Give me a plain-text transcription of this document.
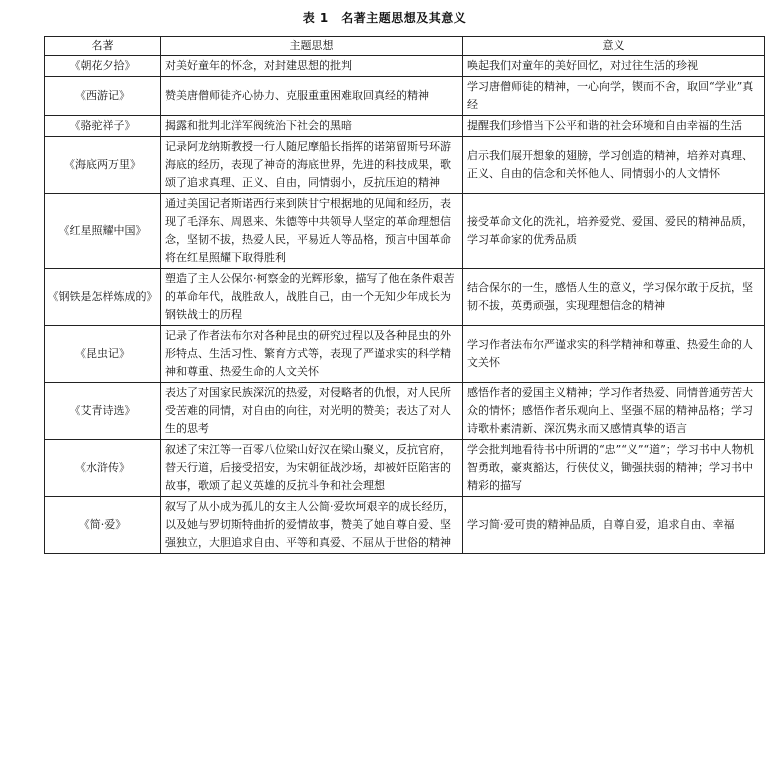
表 1　名著主题思想及其意义
名著	主题思想	意义
《朝花夕拾》	对美好童年的怀念，对封建思想的批判	唤起我们对童年的美好回忆，对过往生活的珍视
《西游记》	赞美唐僧师徒齐心协力、克服重重困难取回真经的精神	学习唐僧师徒的精神，一心向学，锲而不舍，取回“学业”真经
《骆驼祥子》	揭露和批判北洋军阀统治下社会的黑暗	提醒我们珍惜当下公平和谐的社会环境和自由幸福的生活
《海底两万里》	记录阿龙纳斯教授一行人随尼摩船长指挥的诺第留斯号环游海底的经历，表现了神奇的海底世界，先进的科技成果，歌颂了追求真理、正义、自由，同情弱小，反抗压迫的精神	启示我们展开想象的翅膀，学习创造的精神，培养对真理、正义、自由的信念和关怀他人、同情弱小的人文情怀
《红星照耀中国》	通过美国记者斯诺西行来到陕甘宁根据地的见闻和经历，表现了毛泽东、周恩来、朱德等中共领导人坚定的革命理想信念，坚韧不拔，热爱人民，平易近人等品格，预言中国革命将在红星照耀下取得胜利	接受革命文化的洗礼，培养爱党、爱国、爱民的精神品质，学习革命家的优秀品质
《钢铁是怎样炼成的》	塑造了主人公保尔·柯察金的光辉形象，描写了他在条件艰苦的革命年代，战胜敌人，战胜自己，由一个无知少年成长为钢铁战士的历程	结合保尔的一生，感悟人生的意义，学习保尔敢于反抗，坚韧不拔，英勇顽强，实现理想信念的精神
《昆虫记》	记录了作者法布尔对各种昆虫的研究过程以及各种昆虫的外形特点、生活习性、繁育方式等，表现了严谨求实的科学精神和尊重、热爱生命的人文关怀	学习作者法布尔严谨求实的科学精神和尊重、热爱生命的人文关怀
《艾青诗选》	表达了对国家民族深沉的热爱，对侵略者的仇恨，对人民所受苦难的同情，对自由的向往，对光明的赞美；表达了对人生的思考	感悟作者的爱国主义精神；学习作者热爱、同情普通劳苦大众的情怀；感悟作者乐观向上、坚强不屈的精神品格；学习诗歌朴素清新、深沉隽永而又感情真挚的语言
《水浒传》	叙述了宋江等一百零八位梁山好汉在梁山聚义，反抗官府，替天行道，后接受招安，为宋朝征战沙场，却被奸臣陷害的故事，歌颂了起义英雄的反抗斗争和社会理想	学会批判地看待书中所谓的“忠”“义”“道”；学习书中人物机智勇敢，豪爽豁达，行侠仗义，锄强扶弱的精神；学习书中精彩的描写
《简·爱》	叙写了从小成为孤儿的女主人公简·爱坎坷艰辛的成长经历，以及她与罗切斯特曲折的爱情故事，赞美了她自尊自爱、坚强独立，大胆追求自由、平等和真爱、不屈从于世俗的精神	学习简·爱可贵的精神品质，自尊自爱，追求自由、幸福
